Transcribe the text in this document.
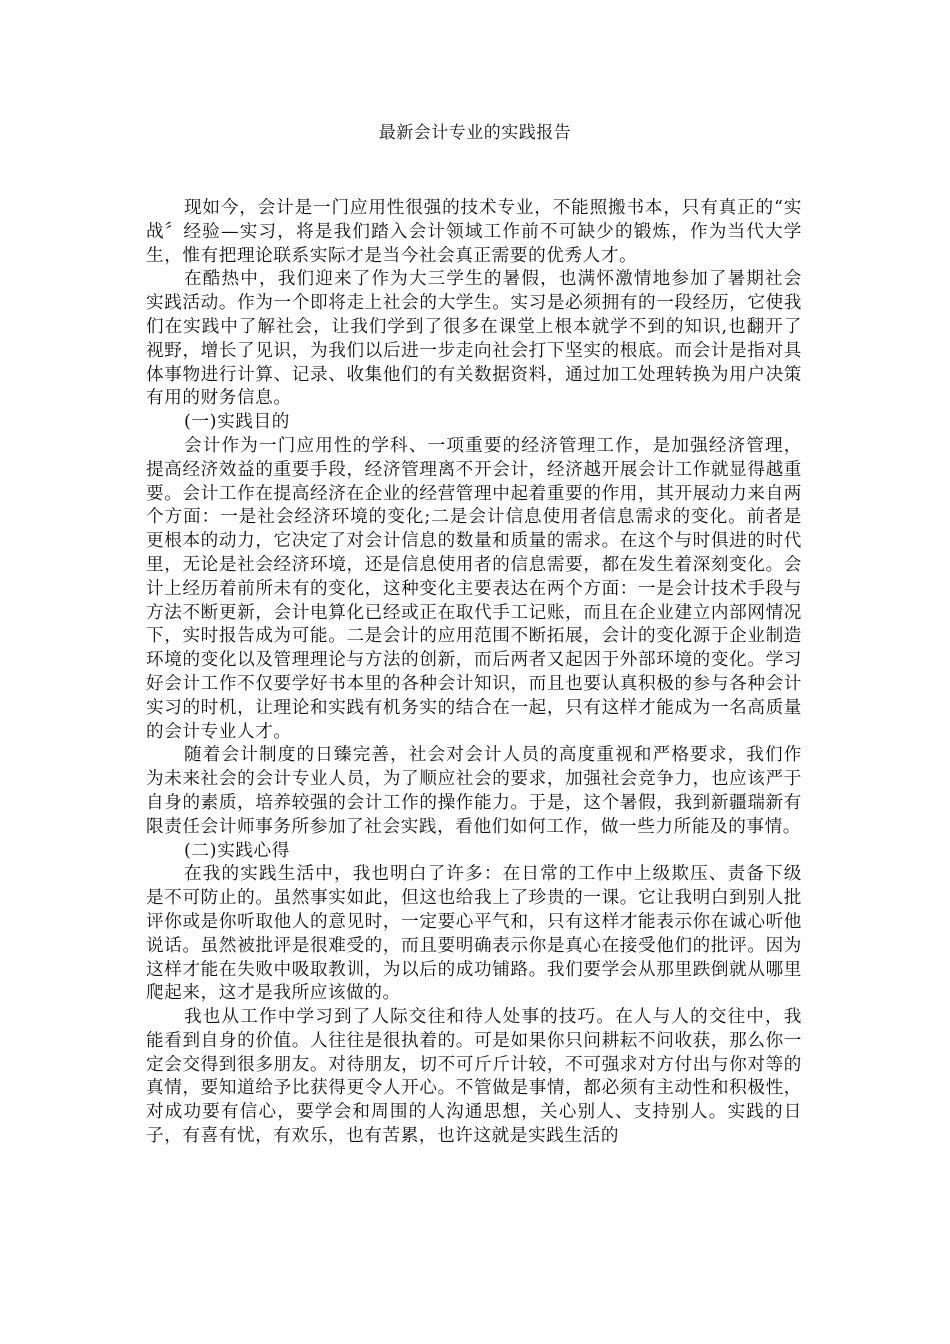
最新会计专业的实践报告

现如今，会计是一门应用性很强的技术专业，不能照搬书本，只有真正的“实战〞经验—实习，将是我们踏入会计领域工作前不可缺少的锻炼，作为当代大学生，惟有把理论联系实际才是当今社会真正需要的优秀人才。

在酷热中，我们迎来了作为大三学生的暑假，也满怀激情地参加了暑期社会实践活动。作为一个即将走上社会的大学生。实习是必须拥有的一段经历，它使我们在实践中了解社会，让我们学到了很多在课堂上根本就学不到的知识,也翻开了视野，增长了见识，为我们以后进一步走向社会打下坚实的根底。而会计是指对具体事物进行计算、记录、收集他们的有关数据资料，通过加工处理转换为用户决策有用的财务信息。

(一)实践目的

会计作为一门应用性的学科、一项重要的经济管理工作，是加强经济管理，提高经济效益的重要手段，经济管理离不开会计，经济越开展会计工作就显得越重要。会计工作在提高经济在企业的经营管理中起着重要的作用，其开展动力来自两个方面：一是社会经济环境的变化;二是会计信息使用者信息需求的变化。前者是更根本的动力，它决定了对会计信息的数量和质量的需求。在这个与时俱进的时代里，无论是社会经济环境，还是信息使用者的信息需要，都在发生着深刻变化。会计上经历着前所未有的变化，这种变化主要表达在两个方面：一是会计技术手段与方法不断更新，会计电算化已经或正在取代手工记账，而且在企业建立内部网情况下，实时报告成为可能。二是会计的应用范围不断拓展，会计的变化源于企业制造环境的变化以及管理理论与方法的创新，而后两者又起因于外部环境的变化。学习好会计工作不仅要学好书本里的各种会计知识，而且也要认真积极的参与各种会计实习的时机，让理论和实践有机务实的结合在一起，只有这样才能成为一名高质量的会计专业人才。

随着会计制度的日臻完善，社会对会计人员的高度重视和严格要求，我们作为未来社会的会计专业人员，为了顺应社会的要求，加强社会竞争力，也应该严于自身的素质，培养较强的会计工作的操作能力。于是，这个暑假，我到新疆瑞新有限责任会计师事务所参加了社会实践，看他们如何工作，做一些力所能及的事情。

(二)实践心得

在我的实践生活中，我也明白了许多：在日常的工作中上级欺压、责备下级是不可防止的。虽然事实如此，但这也给我上了珍贵的一课。它让我明白到别人批评你或是你听取他人的意见时，一定要心平气和，只有这样才能表示你在诚心听他说话。虽然被批评是很难受的，而且要明确表示你是真心在接受他们的批评。因为这样才能在失败中吸取教训，为以后的成功铺路。我们要学会从那里跌倒就从哪里爬起来，这才是我所应该做的。

我也从工作中学习到了人际交往和待人处事的技巧。在人与人的交往中，我能看到自身的价值。人往往是很执着的。可是如果你只问耕耘不问收获，那么你一定会交得到很多朋友。对待朋友，切不可斤斤计较，不可强求对方付出与你对等的真情，要知道给予比获得更令人开心。不管做是事情，都必须有主动性和积极性，对成功要有信心，要学会和周围的人沟通思想，关心别人、支持别人。实践的日子，有喜有忧，有欢乐，也有苦累，也许这就是实践生活的
